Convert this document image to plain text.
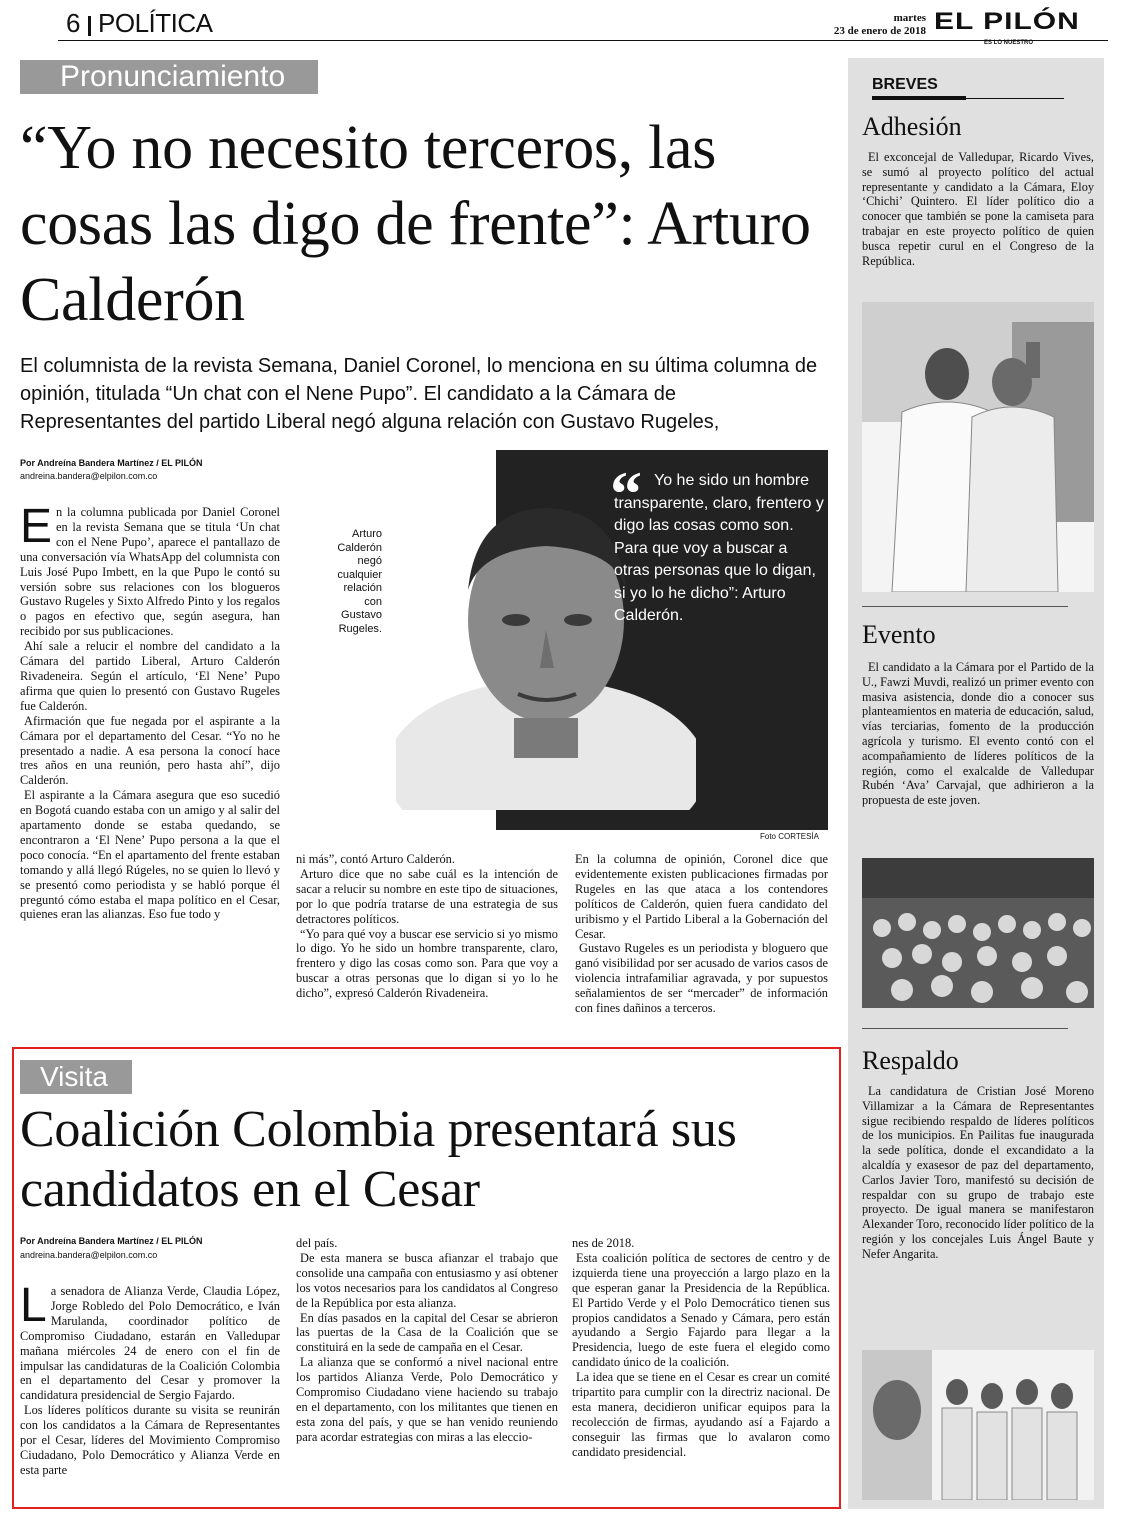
6 POLÍTICA	martes
23 de enero de 2018 EL PILÓN
ES LO NUESTRO
Pronunciamiento
“Yo no necesito terceros, las cosas las digo de frente”: Arturo Calderón
El columnista de la revista Semana, Daniel Coronel, lo menciona en su última columna de opinión, titulada “Un chat con el Nene Pupo”. El candidato a la Cámara de Representantes del partido Liberal negó alguna relación con Gustavo Rugeles,
Por Andreína Bandera Martínez / EL PILÓN
andreina.bandera@elpilon.com.co
E n la columna publicada por Daniel Coronel en la revista Semana que se titula ‘Un chat con el Nene Pupo’, aparece el pantallazo de una conversación vía WhatsApp del columnista con Luis José Pupo Imbett, en la que Pupo le contó su versión sobre sus relaciones con los blogueros Gustavo Rugeles y Sixto Alfredo Pinto y los regalos o pagos en efectivo que, según asegura, han recibido por sus publicaciones.

Ahí sale a relucir el nombre del candidato a la Cámara del partido Liberal, Arturo Calderón Rivadeneira. Según el artículo, ‘El Nene’ Pupo afirma que quien lo presentó con Gustavo Rugeles fue Calderón.

Afirmación que fue negada por el aspirante a la Cámara por el departamento del Cesar. “Yo no he presentado a nadie. A esa persona la conocí hace tres años en una reunión, pero hasta ahí”, dijo Calderón.

El aspirante a la Cámara asegura que eso sucedió en Bogotá cuando estaba con un amigo y al salir del apartamento donde se estaba quedando, se encontraron a ‘El Nene’ Pupo persona a la que el poco conocía. “En el apartamento del frente estaban tomando y allá llegó Rúgeles, no se quien lo llevó y se presentó como periodista y se habló porque él preguntó cómo estaba el mapa político en el Cesar, quienes eran las alianzas. Eso fue todo y

Arturo Calderón negó cualquier relación con Gustavo Rugeles.
“ Yo he sido un hombre transparente, claro, frentero y digo las cosas como son. Para que voy a buscar a otras personas que lo digan, si yo lo he dicho”: Arturo Calderón.
Foto CORTESÍA

ni más”, contó Arturo Calderón.

Arturo dice que no sabe cuál es la intención de sacar a relucir su nombre en este tipo de situaciones, por lo que podría tratarse de una estrategia de sus detractores políticos.

“Yo para qué voy a buscar ese servicio si yo mismo lo digo. Yo he sido un hombre transparente, claro, frentero y digo las cosas como son. Para que voy a buscar a otras personas que lo digan si yo lo he dicho”, expresó Calderón Rivadeneira.

En la columna de opinión, Coronel dice que evidentemente existen publicaciones firmadas por Rugeles en las que ataca a los contendores políticos de Calderón, quien fuera candidato del uribismo y el Partido Liberal a la Gobernación del Cesar.

Gustavo Rugeles es un periodista y bloguero que ganó visibilidad por ser acusado de varios casos de violencia intrafamiliar agravada, y por supuestos señalamientos de ser “mercader” de información con fines dañinos a terceros.

Visita
Coalición Colombia presentará sus candidatos en el Cesar
Por Andreína Bandera Martínez / EL PILÓN
andreina.bandera@elpilon.com.co
L a senadora de Alianza Verde, Claudia López, Jorge Robledo del Polo Democrático, e Iván Marulanda, coordinador político de Compromiso Ciudadano, estarán en Valledupar mañana miércoles 24 de enero con el fin de impulsar las candidaturas de la Coalición Colombia en el departamento del Cesar y promover la candidatura presidencial de Sergio Fajardo.

Los líderes políticos durante su visita se reunirán con los candidatos a la Cámara de Representantes por el Cesar, líderes del Movimiento Compromiso Ciudadano, Polo Democrático y Alianza Verde en esta parte

del país.

De esta manera se busca afianzar el trabajo que consolide una campaña con entusiasmo y así obtener los votos necesarios para los candidatos al Congreso de la República por esta alianza.

En días pasados en la capital del Cesar se abrieron las puertas de la Casa de la Coalición que se constituirá en la sede de campaña en el Cesar.

La alianza que se conformó a nivel nacional entre los partidos Alianza Verde, Polo Democrático y Compromiso Ciudadano viene haciendo su trabajo en el departamento, con los militantes que tienen en esta zona del país, y que se han venido reuniendo para acordar estrategias con miras a las eleccio-

nes de 2018.

Esta coalición política de sectores de centro y de izquierda tiene una proyección a largo plazo en la que esperan ganar la Presidencia de la República. El Partido Verde y el Polo Democrático tienen sus propios candidatos a Senado y Cámara, pero están ayudando a Sergio Fajardo para llegar a la Presidencia, luego de este fuera el elegido como candidato único de la coalición.

La idea que se tiene en el Cesar es crear un comité tripartito para cumplir con la directriz nacional. De esta manera, decidieron unificar equipos para la recolección de firmas, ayudando así a Fajardo a conseguir las firmas que lo avalaron como candidato presidencial.

BREVES
Adhesión
El exconcejal de Valledupar, Ricardo Vives, se sumó al proyecto político del actual representante y candidato a la Cámara, Eloy ‘Chichi’ Quintero. El líder político dio a conocer que también se pone la camiseta para trabajar en este proyecto político de quien busca repetir curul en el Congreso de la República.
Evento
El candidato a la Cámara por el Partido de la U., Fawzi Muvdi, realizó un primer evento con masiva asistencia, donde dio a conocer sus planteamientos en materia de educación, salud, vías terciarias, fomento de la producción agrícola y turismo. El evento contó con el acompañamiento de líderes políticos de la región, como el exalcalde de Valledupar Rubén ‘Ava’ Carvajal, que adhirieron a la propuesta de este joven.
Respaldo
La candidatura de Cristian José Moreno Villamizar a la Cámara de Representantes sigue recibiendo respaldo de líderes políticos de los municipios. En Pailitas fue inaugurada la sede política, donde el excandidato a la alcaldía y exasesor de paz del departamento, Carlos Javier Toro, manifestó su decisión de respaldar con su grupo de trabajo este proyecto. De igual manera se manifestaron Alexander Toro, reconocido líder político de la región y los concejales Luis Ángel Baute y Nefer Angarita.
